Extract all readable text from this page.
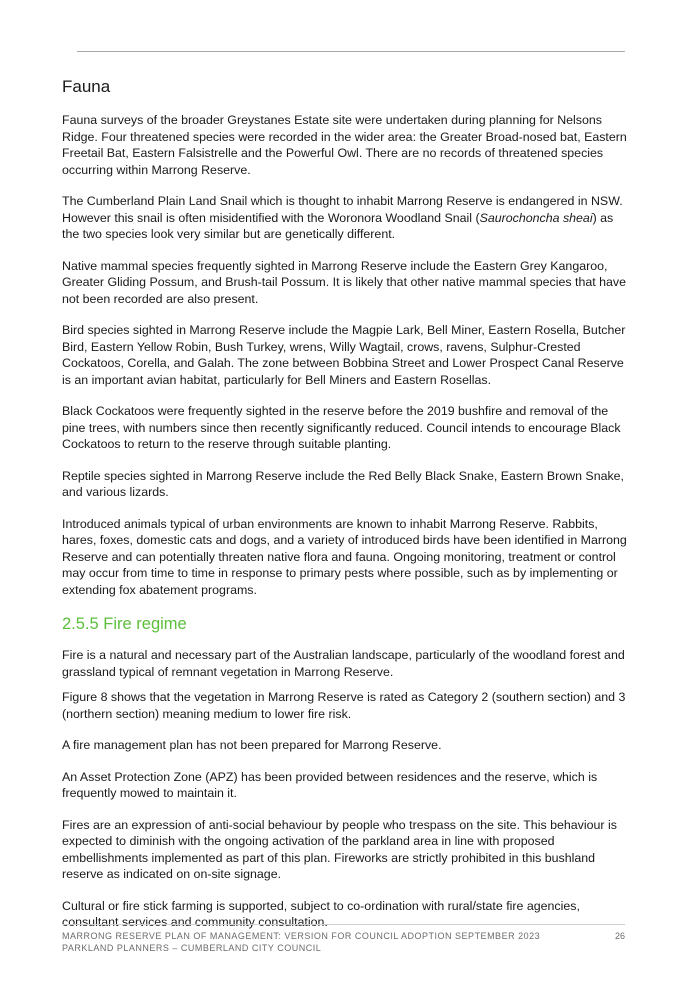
Fauna

Fauna surveys of the broader Greystanes Estate site were undertaken during planning for Nelsons Ridge. Four threatened species were recorded in the wider area: the Greater Broad-nosed bat, Eastern Freetail Bat, Eastern Falsistrelle and the Powerful Owl. There are no records of threatened species occurring within Marrong Reserve.

The Cumberland Plain Land Snail which is thought to inhabit Marrong Reserve is endangered in NSW. However this snail is often misidentified with the Woronora Woodland Snail (Saurochoncha sheai) as the two species look very similar but are genetically different.

Native mammal species frequently sighted in Marrong Reserve include the Eastern Grey Kangaroo, Greater Gliding Possum, and Brush-tail Possum. It is likely that other native mammal species that have not been recorded are also present.

Bird species sighted in Marrong Reserve include the Magpie Lark, Bell Miner, Eastern Rosella, Butcher Bird, Eastern Yellow Robin, Bush Turkey, wrens, Willy Wagtail, crows, ravens, Sulphur-Crested Cockatoos, Corella, and Galah. The zone between Bobbina Street and Lower Prospect Canal Reserve is an important avian habitat, particularly for Bell Miners and Eastern Rosellas.

Black Cockatoos were frequently sighted in the reserve before the 2019 bushfire and removal of the pine trees, with numbers since then recently significantly reduced. Council intends to encourage Black Cockatoos to return to the reserve through suitable planting.

Reptile species sighted in Marrong Reserve include the Red Belly Black Snake, Eastern Brown Snake, and various lizards.

Introduced animals typical of urban environments are known to inhabit Marrong Reserve. Rabbits, hares, foxes, domestic cats and dogs, and a variety of introduced birds have been identified in Marrong Reserve and can potentially threaten native flora and fauna. Ongoing monitoring, treatment or control may occur from time to time in response to primary pests where possible, such as by implementing or extending fox abatement programs.

2.5.5 Fire regime

Fire is a natural and necessary part of the Australian landscape, particularly of the woodland forest and grassland typical of remnant vegetation in Marrong Reserve.

Figure 8 shows that the vegetation in Marrong Reserve is rated as Category 2 (southern section) and 3 (northern section) meaning medium to lower fire risk.

A fire management plan has not been prepared for Marrong Reserve.

An Asset Protection Zone (APZ) has been provided between residences and the reserve, which is frequently mowed to maintain it.

Fires are an expression of anti-social behaviour by people who trespass on the site. This behaviour is expected to diminish with the ongoing activation of the parkland area in line with proposed embellishments implemented as part of this plan. Fireworks are strictly prohibited in this bushland reserve as indicated on on-site signage.

Cultural or fire stick farming is supported, subject to co-ordination with rural/state fire agencies, consultant services and community consultation.

MARRONG RESERVE PLAN OF MANAGEMENT: VERSION FOR COUNCIL ADOPTION SEPTEMBER 2023	26
PARKLAND PLANNERS – CUMBERLAND CITY COUNCIL
